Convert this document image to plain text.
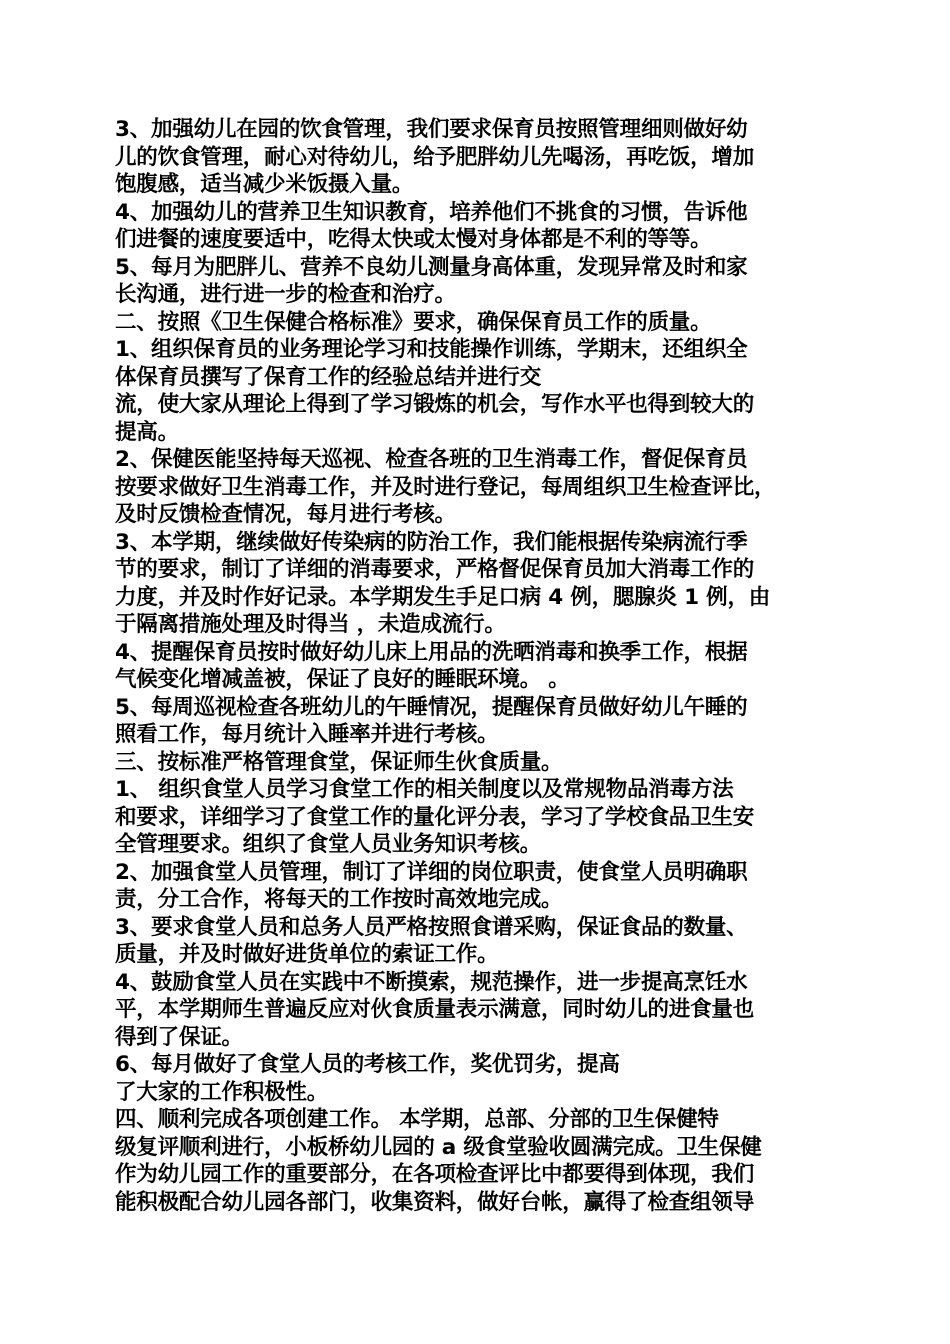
3、加强幼儿在园的饮食管理，我们要求保育员按照管理细则做好幼
儿的饮食管理，耐心对待幼儿，给予肥胖幼儿先喝汤，再吃饭，增加
饱腹感，适当减少米饭摄入量。
4、加强幼儿的营养卫生知识教育，培养他们不挑食的习惯，告诉他
们进餐的速度要适中，吃得太快或太慢对身体都是不利的等等。
5、每月为肥胖儿、营养不良幼儿测量身高体重，发现异常及时和家
长沟通，进行进一步的检查和治疗。
二、按照《卫生保健合格标准》要求，确保保育员工作的质量。
1、组织保育员的业务理论学习和技能操作训练，学期末，还组织全
体保育员撰写了保育工作的经验总结并进行交
流，使大家从理论上得到了学习锻炼的机会，写作水平也得到较大的
提高。
2、保健医能坚持每天巡视、检查各班的卫生消毒工作，督促保育员
按要求做好卫生消毒工作，并及时进行登记，每周组织卫生检查评比，
及时反馈检查情况，每月进行考核。
3、本学期，继续做好传染病的防治工作，我们能根据传染病流行季
节的要求，制订了详细的消毒要求，严格督促保育员加大消毒工作的
力度，并及时作好记录。本学期发生手足口病 4 例，腮腺炎 1 例，由
于隔离措施处理及时得当 ，未造成流行。
4、提醒保育员按时做好幼儿床上用品的洗晒消毒和换季工作，根据
气候变化增减盖被，保证了良好的睡眠环境。 。
5、每周巡视检查各班幼儿的午睡情况，提醒保育员做好幼儿午睡的
照看工作，每月统计入睡率并进行考核。
三、按标准严格管理食堂，保证师生伙食质量。
1、 组织食堂人员学习食堂工作的相关制度以及常规物品消毒方法
和要求，详细学习了食堂工作的量化评分表，学习了学校食品卫生安
全管理要求。组织了食堂人员业务知识考核。
2、加强食堂人员管理，制订了详细的岗位职责，使食堂人员明确职
责，分工合作，将每天的工作按时高效地完成。
3、要求食堂人员和总务人员严格按照食谱采购，保证食品的数量、
质量，并及时做好进货单位的索证工作。
4、鼓励食堂人员在实践中不断摸索，规范操作，进一步提高烹饪水
平，本学期师生普遍反应对伙食质量表示满意，同时幼儿的进食量也
得到了保证。
6、每月做好了食堂人员的考核工作，奖优罚劣，提高
了大家的工作积极性。
四、顺利完成各项创建工作。 本学期，总部、分部的卫生保健特
级复评顺利进行，小板桥幼儿园的 a 级食堂验收圆满完成。卫生保健
作为幼儿园工作的重要部分，在各项检查评比中都要得到体现，我们
能积极配合幼儿园各部门，收集资料，做好台帐，赢得了检查组领导
